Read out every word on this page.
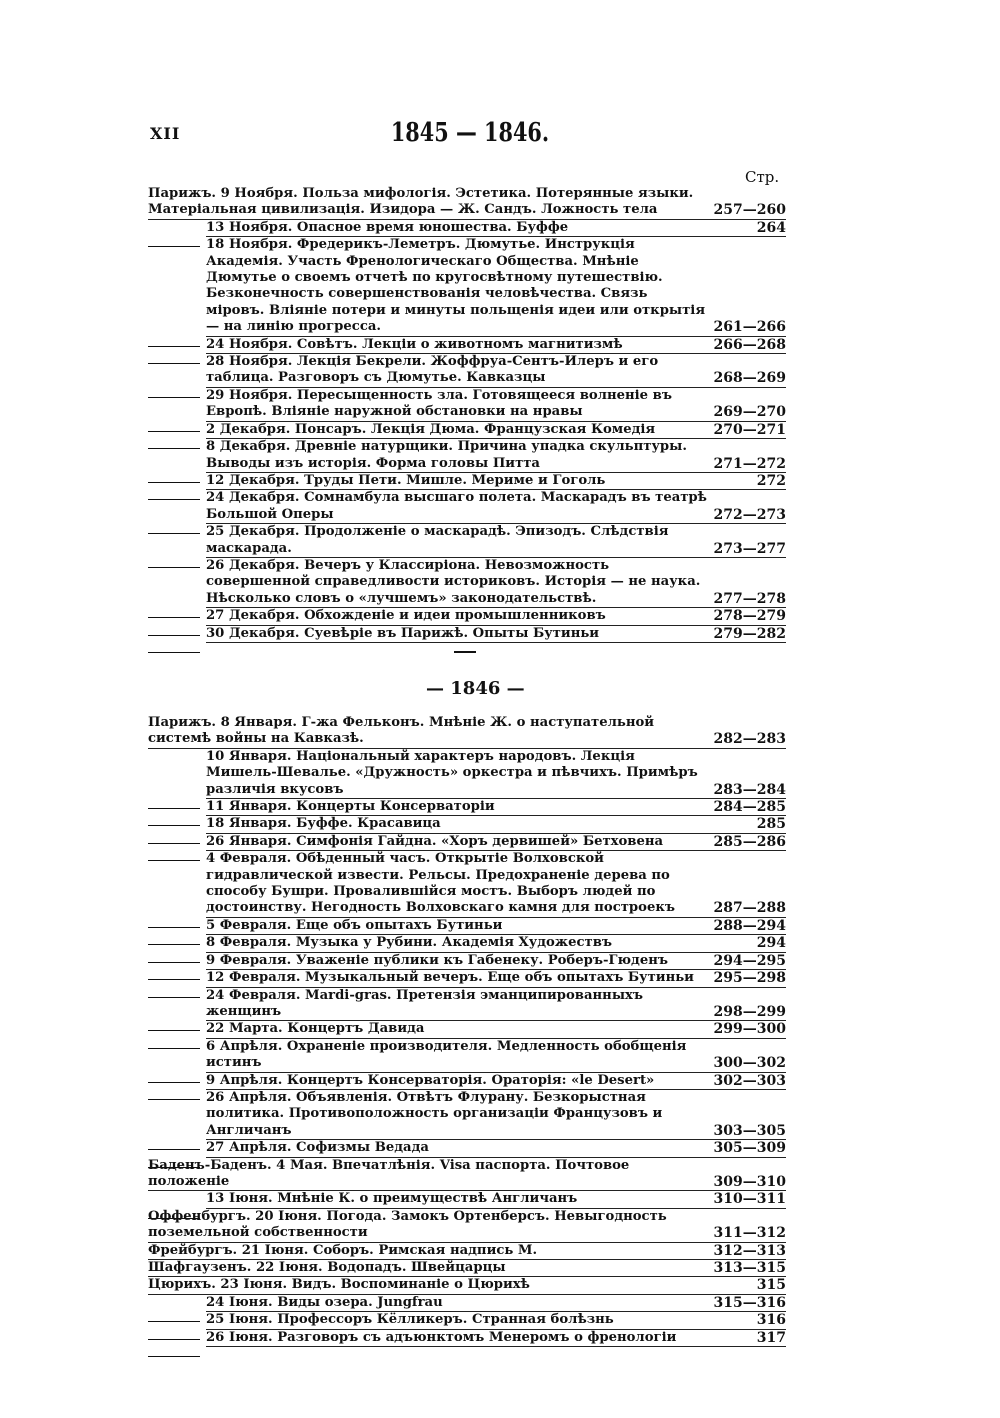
XII	1845 — 1846.
Стр.
Парижъ. 9 Ноября. Польза мифологія. Эстетика. Потерянные языки. Матеріальная цивилизація. Изидора — Ж. Сандъ. Ложность тела	257—260
13 Ноября. Опасное время юношества. Буффе	264
18 Ноября. Фредерикъ-Леметръ. Дюмутье. Инструкція Академія. Участь Френологическаго Общества. Мнѣніе Дюмутье о своемъ отчетѣ по кругосвѣтному путешествію. Безконечность совершенствованія человѣчества. Связь міровъ. Вліяніе потери и минуты польщенія идеи или открытія — на линію прогресса.	261—266
24 Ноября. Совѣтъ. Лекціи о животномъ магнитизмѣ	266—268
28 Ноября. Лекція Бекрели. Жоффруа-Сентъ-Илеръ и его таблица. Разговоръ съ Дюмутье. Кавказцы	268—269
29 Ноября. Пересыщенность зла. Готовящееся волненіе въ Европѣ. Вліяніе наружной обстановки на нравы	269—270
2 Декабря. Понсаръ. Лекція Дюма. Французская Комедія	270—271
8 Декабря. Древніе натурщики. Причина упадка скульптуры. Выводы изъ исторія. Форма головы Питта	271—272
12 Декабря. Труды Пети. Мишле. Мериме и Гоголь	272
24 Декабря. Сомнамбула высшаго полета. Маскарадъ въ театрѣ Большой Оперы	272—273
25 Декабря. Продолженіе о маскарадѣ. Эпизодъ. Слѣдствія маскарада.	273—277
26 Декабря. Вечеръ у Классиріона. Невозможность совершенной справедливости историковъ. Исторія — не наука. Нѣсколько словъ о «лучшемъ» законодательствѣ.	277—278
27 Декабря. Обхожденіе и идеи промышленниковъ	278—279
30 Декабря. Суевѣріе въ Парижѣ. Опыты Бутиньи	279—282
— 1846 —
Парижъ. 8 Января. Г-жа Фельконъ. Мнѣніе Ж. о наступательной системѣ войны на Кавказѣ.	282—283
10 Января. Національный характеръ народовъ. Лекція Мишель-Шевалье. «Дружность» оркестра и пѣвчихъ. Примѣръ различія вкусовъ	283—284
11 Января. Концерты Консерваторіи	284—285
18 Января. Буффе. Красавица	285
26 Января. Симфонія Гайдна. «Хоръ дервишей» Бетховена	285—286
4 Февраля. Обѣденный часъ. Открытіе Волховской гидравлической извести. Рельсы. Предохраненіе дерева по способу Бушри. Провалившійся мостъ. Выборъ людей по достоинству. Негодность Волховскаго камня для построекъ	287—288
5 Февраля. Еще объ опытахъ Бутиньи	288—294
8 Февраля. Музыка у Рубини. Академія Художествъ	294
9 Февраля. Уваженіе публики къ Габенеку. Роберъ-Гюденъ	294—295
12 Февраля. Музыкальный вечеръ. Еще объ опытахъ Бутиньи	295—298
24 Февраля. Mardi-gras. Претензія эманципированныхъ женщинъ	298—299
22 Марта. Концертъ Давида	299—300
6 Апрѣля. Охраненіе производителя. Медленность обобщенія истинъ	300—302
9 Апрѣля. Концертъ Консерваторія. Ораторія: «le Desert»	302—303
26 Апрѣля. Объявленія. Отвѣтъ Флурану. Безкорыстная политика. Противоположность организаціи Французовъ и Англичанъ	303—305
27 Апрѣля. Софизмы Ведада	305—309
Баденъ-Баденъ. 4 Мая. Впечатлѣнія. Visa паспорта. Почтовое положеніе	309—310
13 Іюня. Мнѣніе К. о преимуществѣ Англичанъ	310—311
Оффенбургъ. 20 Іюня. Погода. Замокъ Ортенберсъ. Невыгодность поземельной собственности	311—312
Фрейбургъ. 21 Іюня. Соборъ. Римская надпись М.	312—313
Шафгаузенъ. 22 Іюня. Водопадъ. Швейцарцы	313—315
Цюрихъ. 23 Іюня. Видъ. Воспоминаніе о Цюрихѣ	315
24 Іюня. Виды озера. Jungfrau	315—316
25 Іюня. Профессоръ Кёлликеръ. Странная болѣзнь	316
26 Іюня. Разговоръ съ адъюнктомъ Менеромъ о френологіи	317
